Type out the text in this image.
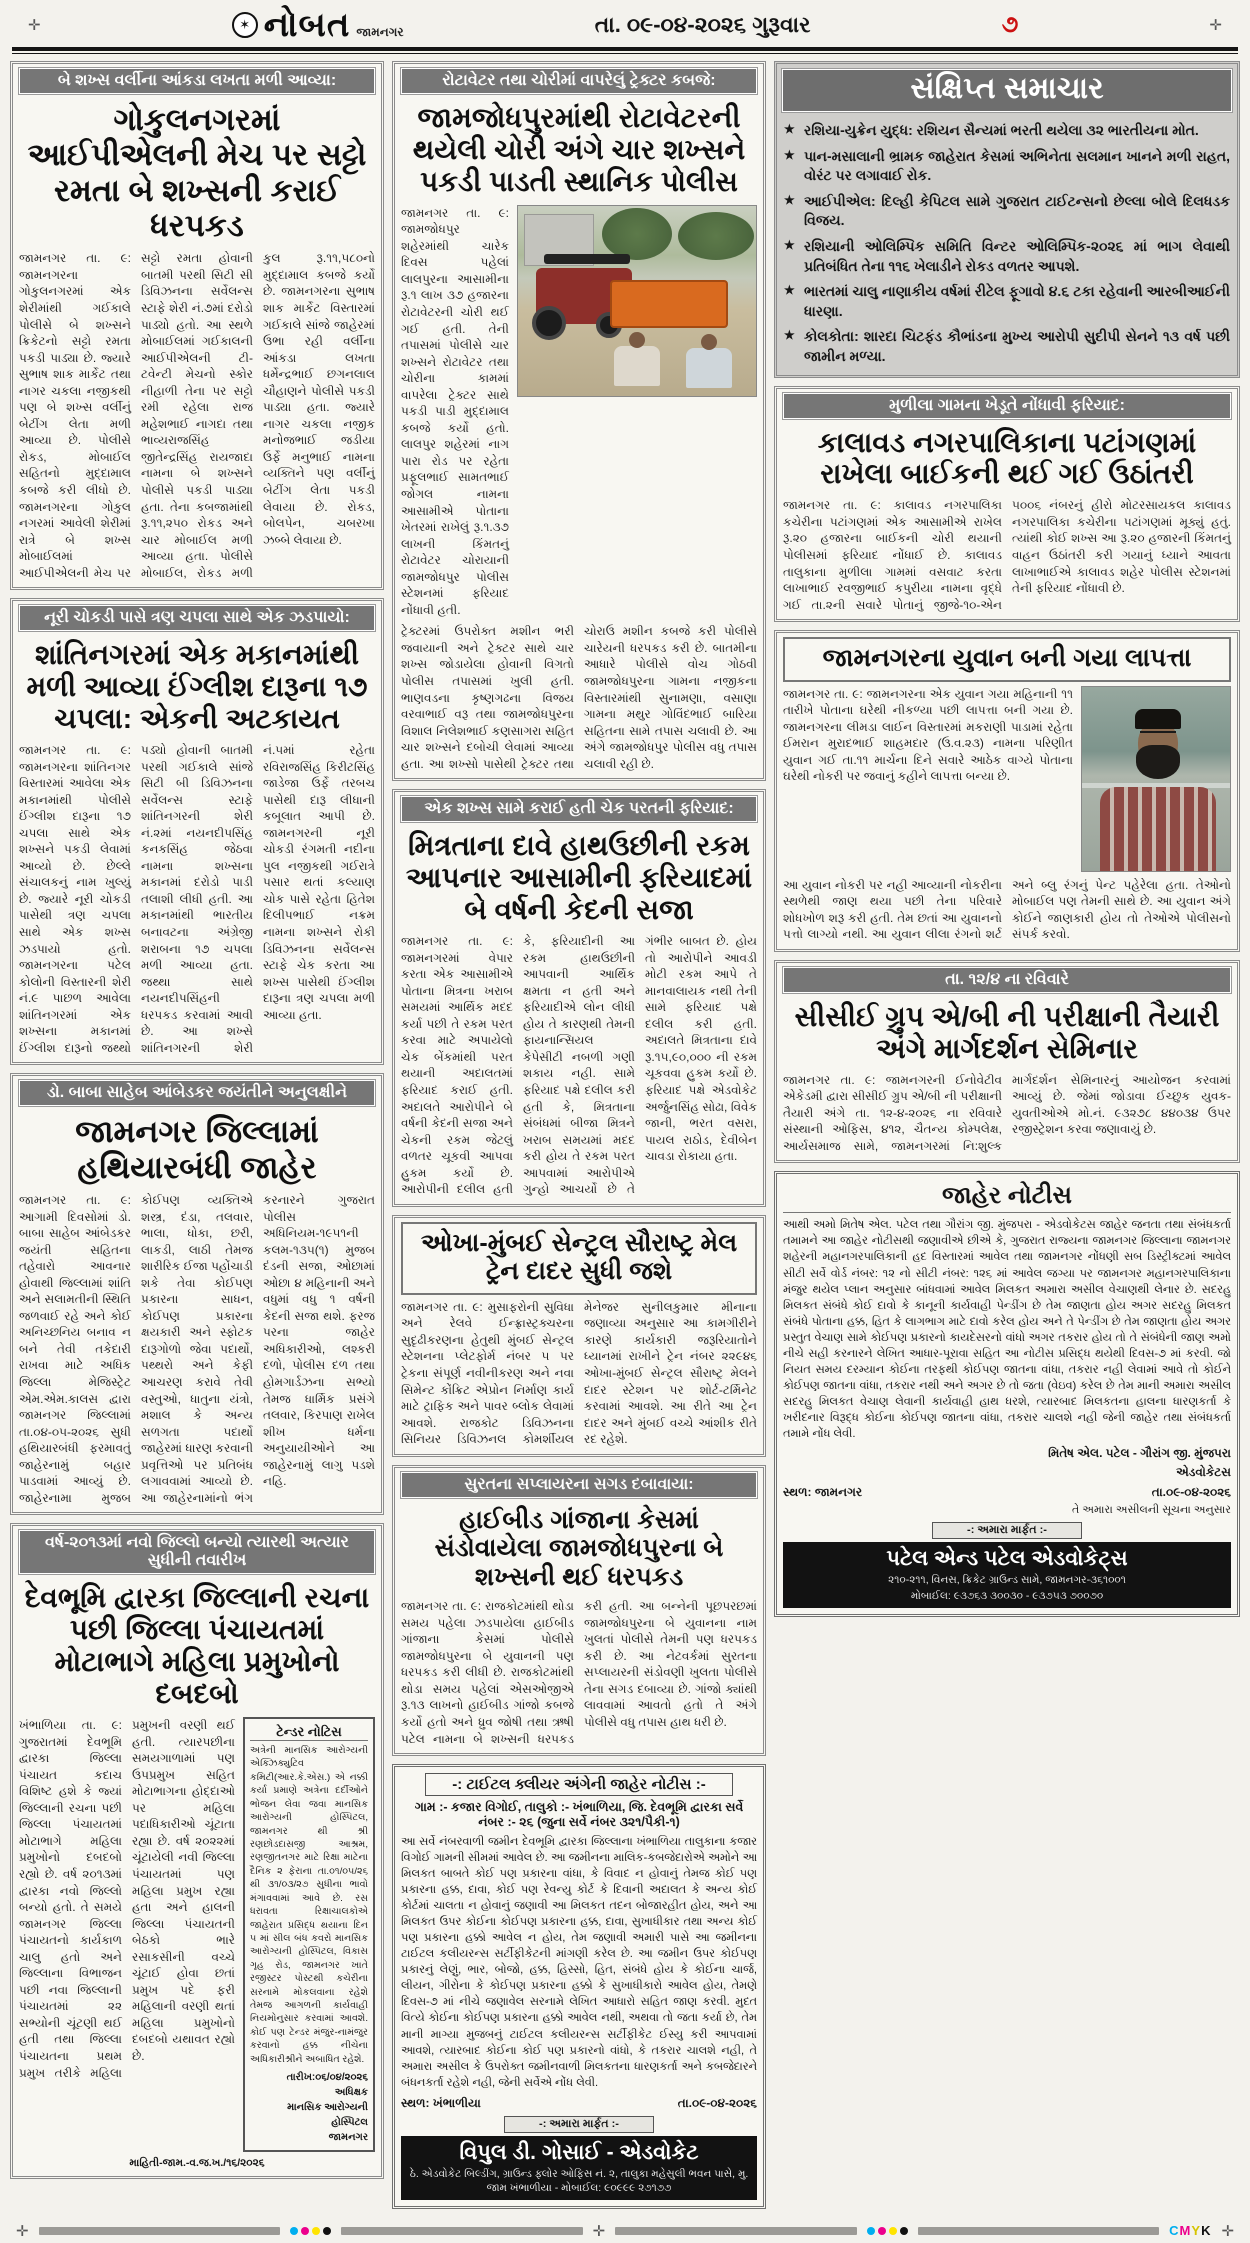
✛	✶ નોબત જામનગર	તા. ૦૯-૦૪-૨૦૨૬ ગુરૂવાર	૭	✛
બે શખ્સ વર્લીના આંકડા લખતા મળી આવ્યા:
ગોકુલનગરમાં આઈપીએલની મેચ પર સટ્ટો રમતા બે શખ્સની કરાઈ ધરપકડ
જામનગર તા. ૯: જામનગરના ગોકુલનગરમાં એક શેરીમાંથી ગઈકાલે પોલીસે બે શખ્સને ક્રિકેટનો સટ્ટો રમતા પકડી પાડ્યા છે. જ્યારે સુભાષ શાક માર્કેટ તથા નાગર ચકલા નજીકથી પણ બે શખ્સ વર્લીનું બેટીંગ લેતા મળી આવ્યા છે. પોલીસે રોકડ, મોબાઈલ સહિતનો મુદ્દામાલ કબજે કરી લીધો છે. જામનગરના ગોકુલ નગરમાં આવેલી શેરીમાં રાત્રે બે શખ્સ મોબાઈલમાં આઈપીએલની મેચ પર સટ્ટો રમતા હોવાની બાતમી પરથી સિટી સી ડિવિઝનના સર્વેલન્સ સ્ટાફે શેરી નં.૭માં દરોડો પાડ્યો હતો. આ સ્થળે મોબાઈલમાં ગઈકાલની આઈપીએલની ટી-ટવેન્ટી મેચનો સ્કોર નીહાળી તેના પર સટ્ટો રમી રહેલા રાજ મહેશભાઈ નાગદા તથા ભાવ્યરાજસિંહ જીતેન્દ્રસિંહ રાયજાદા નામના બે શખ્સને પોલીસે પકડી પાડ્યા હતા. તેના કબજામાંથી રૂ.૧૧,૨૫૦ રોકડ અને ચાર મોબાઈલ મળી આવ્યા હતા. પોલીસે મોબાઈલ, રોકડ મળી કુલ રૂ.૧૧,૫૮૦નો મુદ્દામાલ કબજે કર્યો છે. જામનગરના સુભાષ શાક માર્કેટ વિસ્તારમાં ગઈકાલે સાંજે જાહેરમાં ઉભા રહી વર્લીના આંકડા લખતા ધર્મેન્દ્રભાઈ છગનલાલ ચૌહાણને પોલીસે પકડી પાડ્યા હતા. જ્યારે નાગર ચકલા નજીક મનોજભાઈ જડીયા ઉર્ફે મનુભાઈ નામના વ્યક્તિને પણ વર્લીનું બેટીંગ લેતા પકડી લેવાયા છે. રોકડ, બોલપેન, ચબરખા ઝબ્બે લેવાયા છે.
નૂરી ચોકડી પાસે ત્રણ ચપલા સાથે એક ઝડપાયો:
શાંતિનગરમાં એક મકાનમાંથી મળી આવ્યા ઈંગ્લીશ દારૂના ૧૭ ચપલા: એકની અટકાયત
જામનગર તા. ૯: જામનગરના શાંતિનગર વિસ્તારમાં આવેલા એક મકાનમાંથી પોલીસે ઈંગ્લીશ દારૂના ૧૭ ચપલા સાથે એક શખ્સને પકડી લેવામાં આવ્યો છે. છેલ્લે સંચાલકનું નામ ખુલ્યું છે. જ્યારે નૂરી ચોકડી પાસેથી ત્રણ ચપલા સાથે એક શખ્સ ઝડપાયો હતો. જામનગરના પટેલ કોલોની વિસ્તારની શેરી નં.૯ પાછળ આવેલા શાંતિનગરમાં એક શખ્સના મકાનમાં ઈંગ્લીશ દારૂનો જથ્થો પડ્યો હોવાની બાતમી પરથી ગઈકાલે સાંજે સિટી બી ડિવિઝનના સર્વેલન્સ સ્ટાફે શાંતિનગરની શેરી નં.૨માં નયનદીપસિંહ કનકસિંહ જેઠવા નામના શખ્સના મકાનમાં દરોડો પાડી તલાશી લીધી હતી. આ મકાનમાંથી ભારતીય બનાવટના અંગ્રેજી શરાબના ૧૭ ચપલા મળી આવ્યા હતા. જથ્થા સાથે નયનદીપસિંહની ધરપકડ કરવામાં આવી છે. આ શખ્સે શાંતિનગરની શેરી નં.૫માં રહેતા રવિરાજસિંહ કિરીટસિંહ જાડેજા ઉર્ફે તરબચ પાસેથી દારૂ લીધાની કબૂલાત આપી છે. જામનગરની નૂરી ચોકડી રંગમતી નદીના પુલ નજીકથી ગઈરાત્રે પસાર થતાં કલ્યાણ ચોક પાસે રહેતા હિતેશ દિલીપભાઈ નક્રમ નામના શખ્સને રોકી ડિવિઝનના સર્વેલન્સ સ્ટાફે ચેક કરતા આ શખ્સ પાસેથી ઈંગ્લીશ દારૂના ત્રણ ચપલા મળી આવ્યા હતા.
ડો. બાબા સાહેબ આંબેડકર જયંતીને અનુલક્ષીને
જામનગર જિલ્લામાં હથિયારબંધી જાહેર
જામનગર તા. ૯: આગામી દિવસોમાં ડો. બાબા સાહેબ આંબેડકર જયંતી સહિતના તહેવારો આવનાર હોવાથી જિલ્લામાં શાંતિ અને સલામતીની સ્થિતિ જળવાઈ રહે અને કોઈ અનિચ્છનિય બનાવ ન બને તેવી તકેદારી રાખવા માટે અધિક જિલ્લા મેજિસ્ટ્રેટ એમ.એમ.કાલસ દ્વારા જામનગર જિલ્લામાં તા.૦૪-૦૫-૨૦૨૬ સુધી હથિયારબંધી ફરમાવતું જાહેરનામું બહાર પાડવામાં આવ્યું છે. જાહેરનામા મુજબ કોઈપણ વ્યક્તિએ શસ્ત્ર, દંડા, તલવાર, ભાલા, ધોકા, છરી, લાકડી, લાઠી તેમજ શારીરિક ઈજા પહોંચાડી શકે તેવા કોઈપણ પ્રકારના સાધન, કોઈપણ પ્રકારના ક્ષયકારી અને સ્ફોટક દારૂગોળો જેવા પદાર્થો, પથ્થરો અને કેફી આચરણ કરાવે તેવી વસ્તુઓ, ધાતુના યંત્રો, મશાલ કે અન્ય સળગતા પદાર્થો જાહેરમાં ધારણ કરવાની પ્રવૃત્તિઓ પર પ્રતિબંધ લગાવવામાં આવ્યો છે. આ જાહેરનામાંનો ભંગ કરનારને ગુજરાત પોલીસ અધિનિયમ-૧૯૫૧ની કલમ-૧૩૫(૧) મુજબ દંડની સજા, ઓછામાં ઓછા ૪ મહિનાની અને વધુમાં વધુ ૧ વર્ષની કેદની સજા થશે. ફરજ પરના જાહેર અધિકારીઓ, લશ્કરી દળો, પોલીસ દળ તથા હોમગાર્ડઝના સભ્યો તેમજ ધાર્મિક પ્રસંગે તલવાર, કિરપાણ રાખેલ શીખ ધર્મના અનુયાયીઓને આ જાહેરનામું લાગુ પડશે નહિ.
વર્ષ-૨૦૧૩માં નવો જિલ્લો બન્યો ત્યારથી અત્યાર સુધીની તવારીખ
દેવભૂમિ દ્વારકા જિલ્લાની રચના પછી જિલ્લા પંચાયતમાં મોટાભાગે મહિલા પ્રમુખોનો દબદબો
ખંભાળિયા તા. ૯: ગુજરાતમાં દેવભૂમિ દ્વારકા જિલ્લા પંચાયત કદાચ વિશિષ્ટ હશે કે જ્યાં જિલ્લાની રચના પછી જિલ્લા પંચાયતમાં મોટાભાગે મહિલા પ્રમુખોનો દબદબો રહ્યો છે. વર્ષ ૨૦૧૩માં દ્વારકા નવો જિલ્લો બન્યો હતો. તે સમયે જામનગર જિલ્લા પંચાયતનો કાર્યકાળ ચાલુ હતો અને જિલ્લાના વિભાજન પછી નવા જિલ્લાની પંચાયતમાં ૨૨ સભ્યોની ચૂંટણી થઈ હતી તથા જિલ્લા પંચાયતના પ્રથમ પ્રમુખ તરીકે મહિલા પ્રમુખની વરણી થઈ હતી. ત્યારપછીના સમયગાળામાં પણ ઉપપ્રમુખ સહિત મોટાભાગના હોદ્દાઓ પર મહિલા પદાધિકારીઓ ચૂંટાતા રહ્યા છે. વર્ષ ૨૦૨૨માં ચૂંટાયેલી નવી જિલ્લા પંચાયતમાં પણ મહિલા પ્રમુખ રહ્યા હતા અને હાલની જિલ્લા પંચાયતની બેઠકો ભારે રસાકસીની વચ્ચે ચૂંટાઈ હોવા છતાં પ્રમુખ પદે ફરી મહિલાની વરણી થતાં મહિલા પ્રમુખોનો દબદબો યથાવત રહ્યો છે.
ટેન્ડર નોટિસ
અત્રેની માનસિક આરોગ્યની એક્ઝિક્યુટિવ કમિટી(આર.કે.એસ.) એ નક્કી કર્યા પ્રમાણે અત્રેના દર્દીઓને ભોજન લેવા જવા માનસિક આરોગ્યની હોસ્પિટલ, જામનગર થી શ્રી રણછોડદાસજી આશ્રમ, રણજીતનગર માટે રિક્ષા માટેના દૈનિક ૨ ફેરાના તા.૦૧/૦૫/૨૬ થી ૩૧/૦૩/૨૭ સુધીના ભાવો મંગાવવામાં આવે છે. રસ ધરાવતા રિક્ષાચાલકોએ જાહેરાત પ્રસિદ્ધ થયાના દિન ૫ માં સીલ બંધ કવરો માનસિક આરોગ્યની હોસ્પિટલ, વિકાસ ગૃહ રોડ, જામનગર ખાતે રજીસ્ટર પોસ્ટથી કચેરીના સરનામે મોકલવાના રહેશે તેમજ આગળની કાર્યવાહી નિયમોનુસાર કરવામાં આવશે. કોઈ પણ ટેન્ડર મંજુર-નામંજુર કરવાનો હક્ક નીચેના અધિકારીશ્રીને અબાધિત રહેશે.
તારીખ:૦૬/૦૪/૨૦૨૬
અધિક્ષક
માનસિક આરોગ્યની હોસ્પિટલ
જામનગર
માહિતી-જામ.-વ.જ.ખ./૧૬/૨૦૨૬
રોટાવેટર તથા ચોરીમાં વાપરેલું ટ્રેક્ટર કબજે:
જામજોધપુરમાંથી રોટાવેટરની થયેલી ચોરી અંગે ચાર શખ્સને પકડી પાડતી સ્થાનિક પોલીસ
જામનગર તા. ૯: જામજોધપુર શહેરમાંથી ચારેક દિવસ પહેલાં લાલપુરના આસામીના રૂ.૧ લાખ ૩૭ હજારના રોટાવેટરની ચોરી થઈ ગઈ હતી. તેની તપાસમાં પોલીસે ચાર શખ્સને રોટાવેટર તથા ચોરીના કામમાં વાપરેલા ટ્રેક્ટર સાથે પકડી પાડી મુદ્દામાલ કબજે કર્યો હતો. લાલપુર શહેરમાં નાગ પારા રોડ પર રહેતા પ્રફૂલભાઈ સામતભાઈ જોગલ નામના આસામીએ પોતાના ખેતરમાં રાખેલું રૂ.૧.૩૭ લાખની કિંમતનું રોટાવેટર ચોરાયાની જામજોધપુર પોલીસ સ્ટેશનમાં ફરિયાદ નોંધાવી હતી.
ટ્રેક્ટરમાં ઉપરોક્ત મશીન ભરી જવાયાની અને ટ્રેક્ટર સાથે ચાર શખ્સ જોડાયેલા હોવાની વિગતો પોલીસ તપાસમાં ખુલી હતી. ભાણવડના કૃષ્ણગઢના વિજય વરવાભાઈ વરૂ તથા જામજોધપુરના વિશાલ નિલેશભાઈ કણસાગરા સહિત ચાર શખ્સને દબોચી લેવામાં આવ્યા હતા. આ શખ્સો પાસેથી ટ્રેક્ટર તથા ચોરાઉ મશીન કબજે કરી પોલીસે ચારેયની ધરપકડ કરી છે. બાતમીના આધારે પોલીસે વોચ ગોઠવી જામજોધપુરના ગામના નજીકના વિસ્તારમાંથી સુનામણા, વસાણા ગામના મથુર ગોવિંદભાઈ બારિયા સહિતના સામે તપાસ ચલાવી છે. આ અંગે જામજોધપુર પોલીસ વધુ તપાસ ચલાવી રહી છે.
એક શખ્સ સામે કરાઈ હતી ચેક પરતની ફરિયાદ:
મિત્રતાના દાવે હાથઉછીની રકમ આપનાર આસામીની ફરિયાદમાં બે વર્ષની કેદની સજા
જામનગર તા. ૯: જામનગરમાં વેપાર કરતા એક આસામીએ પોતાના મિત્રના ખરાબ સમયમાં આર્થિક મદદ કર્યા પછી તે રકમ પરત કરવા માટે અપાયેલો ચેક બેંકમાંથી પરત થયાની અદાલતમાં ફરિયાદ કરાઈ હતી. અદાલતે આરોપીને બે વર્ષની કેદની સજા અને ચેકની રકમ જેટલું વળતર ચૂકવી આપવા હુકમ કર્યો છે. આરોપીની દલીલ હતી કે, ફરિયાદીની આ રકમ હાથઉછીની આપવાની આર્થિક ક્ષમતા ન હતી અને ફરિયાદીએ લોન લીધી હોય તે કારણથી તેમની ફાયનાન્સિયલ કેપેસીટી નબળી ગણી શકાય નહી. સામે ફરિયાદ પક્ષે દલીલ કરી હતી કે, મિત્રતાના સંબંધમાં બીજા મિત્રને ખરાબ સમયમાં મદદ કરી હોય તે રકમ પરત આપવામાં આરોપીએ ગુન્હો આચર્યો છે તે ગંભીર બાબત છે. હોય તો આરોપીને આવડી મોટી રકમ આપે તે માનવાલાયક નથી તેની સામે ફરિયાદ પક્ષે દલીલ કરી હતી. અદાલતે મિત્રતાના દાવે રૂ.૧૫,૯૦,૦૦૦ ની રકમ ચૂકવવા હુકમ કર્યો છે. ફરિયાદ પક્ષે એડવોકેટ અર્જુનસિંહ સોઢા, વિવેક જાની, ભરત વસરા, પાયલ રાઠોડ, દેવીબેન ચાવડા રોકાયા હતા.
ઓખા-મુંબઈ સેન્ટ્રલ સૌરાષ્ટ્ર મેલ ટ્રેન દાદર સુધી જશે
જામનગર તા. ૯: મુસાફરોની સુવિધા અને રેલવે ઈન્ફ્રાસ્ટ્રક્ચરના સુદૃઢીકરણના હેતુથી મુંબઈ સેન્ટ્રલ સ્ટેશનના પ્લેટફોર્મ નંબર ૫ પર ટ્રેકના સંપૂર્ણ નવીનીકરણ અને નવા સિમેન્ટ કોંક્રિટ એપ્રોન નિર્માણ કાર્ય માટે ટ્રાફિક અને પાવર બ્લોક લેવામાં આવશે. રાજકોટ ડિવિઝનના સિનિયર ડિવિઝનલ કોમર્શીયલ મેનેજર સુનીલકુમાર મીનાના જણાવ્યા અનુસાર આ કામગીરીને કારણે કાર્યકારી જરૂરિયાતોને ધ્યાનમાં રાખીને ટ્રેન નંબર ૨૨૯૪૬ ઓખા-મુંબઈ સેન્ટ્રલ સૌરાષ્ટ્ર મેલને દાદર સ્ટેશન પર શોર્ટ-ટર્મિનેટ કરવામાં આવશે. આ રીતે આ ટ્રેન દાદર અને મુંબઈ વચ્ચે આંશીક રીતે રદ રહેશે.
સુરતના સપ્લાયરના સગડ દબાવાયા:
હાઈબીડ ગાંજાના કેસમાં સંડોવાયેલા જામજોધપુરના બે શખ્સની થઈ ધરપકડ
જામનગર તા. ૯: રાજકોટમાંથી થોડા સમય પહેલા ઝડપાયેલા હાઈબીડ ગાંજાના કેસમાં પોલીસે જામજોધપુરના બે યુવાનની પણ ધરપકડ કરી લીધી છે. રાજકોટમાંથી થોડા સમય પહેલાં એસઓજીએ રૂ.૧૩ લાખનો હાઈબીડ ગાંજો કબજે કર્યો હતો અને ધ્રુવ જોષી તથા ઋષી પટેલ નામના બે શખ્સની ધરપકડ કરી હતી. આ બન્નેની પૂછપરછમાં જામજોધપુરના બે યુવાનના નામ ખુલતાં પોલીસે તેમની પણ ધરપકડ કરી છે. આ નેટવર્કમાં સુરતના સપ્લાયરની સંડોવણી ખુલતા પોલીસે તેના સગડ દબાવ્યા છે. ગાંજો ક્યાંથી લાવવામાં આવતો હતો તે અંગે પોલીસે વધુ તપાસ હાથ ધરી છે.
-: ટાઈટલ ક્લીયર અંગેની જાહેર નોટીસ :-
ગામ :- કજાર વિગોઈ, તાલુકો :- ખંભાળિયા, જિ. દેવભૂમિ દ્વારકા સર્વે નંબર :- ૨૬ (જુના સર્વે નંબર ૩૨૧/પૈકી-૧)
આ સર્વે નંબરવાળી જમીન દેવભૂમિ દ્વારકા જિલ્લાના ખંભાળિયા તાલુકાના કજાર વિગોઈ ગામની સીમમાં આવેલ છે. આ જમીનના માલિક-કબજેદારોએ અમોને આ મિલકત બાબતે કોઈ પણ પ્રકારના વાંધા, કે વિવાદ ન હોવાનું તેમજ કોઈ પણ પ્રકારના હક્ક, દાવા, કોઈ પણ રેવન્યુ કોર્ટ કે દિવાની અદાલત કે અન્ય કોઈ કોર્ટમાં ચાલતા ન હોવાનું જણાવી આ મિલકત તદન બોજારહીત હોય, અને આ મિલકત ઉપર કોઈના કોઈપણ પ્રકારના હક્ક, દાવા, સુખાધીકાર તથા અન્ય કોઈ પણ પ્રકારના હક્કો આવેલ ન હોય, તેમ જણાવી અમારી પાસે આ જમીનના ટાઈટલ કલીયરન્સ સર્ટીફીકેટની માંગણી કરેલ છે. આ જમીન ઉપર કોઈપણ પ્રકારનું લેણું, ભાર, બોજો, હક્ક, હિસ્સો, હિત, સંબંધે હોય કે કોઈના ચાર્જ, લીયન, ગીરોના કે કોઈપણ પ્રકારના હક્કો કે સુખાધીકારો આવેલ હોય, તેમણે દિવસ-૭ માં નીચે જણાવેલ સરનામે લેખિત આધારો સહિત જાણ કરવી. મુદત વિત્યે કોઈના કોઈપણ પ્રકારના હક્કો આવેલ નથી, અથવા તો જતા કર્યા છે, તેમ માની માગ્યા મુજબનું ટાઈટલ કલીયરન્સ સર્ટીફીકેટ ઈસ્યુ કરી આપવામાં આવશે, ત્યારબાદ કોઈના કોઈ પણ પ્રકારનો વાંધો, કે તકરાર ચાલશે નહી, તે અમારા અસીલ કે ઉપરોક્ત જમીનવાળી મિલકતના ધારણકર્તા અને કબજેદારને બંધનકર્તા રહેશે નહી, જેની સર્વેએ નોંધ લેવી.
સ્થળ: ખંભાળીયા	તા.૦૯-૦૪-૨૦૨૬
-: અમારા માર્ફત :-
વિપુલ ડી. ગોસાઈ - એડવોકેટ
ઠે. એડવોકેટ બિલ્ડીંગ, ગ્રાઉન્ડ ફ્લોર ઓફિસ નં. ૨, તાલુકા મહેસુલી ભવન પાસે, મુ. જામ ખંભાળીયા - મોબાઈલ: ૯૦૯૯૯ ૨૭૧૭૭
સંક્ષિપ્ત સમાચાર
★ રશિયા-યુક્રેન યુદ્ધ: રશિયન સૈન્યમાં ભરતી થયેલા ૩૨ ભારતીયના મોત.
★ પાન-મસાલાની ભ્રામક જાહેરાત કેસમાં અભિનેતા સલમાન ખાનને મળી રાહત, વોરંટ પર લગાવાઈ રોક.
★ આઈપીએલ: દિલ્હી કેપિટલ સામે ગુજરાત ટાઈટન્સનો છેલ્લા બોલે દિલધડક વિજય.
★ રશિયાની ઓલિમ્પિક સમિતિ વિન્ટર ઓલિમ્પિક-૨૦૨૬ માં ભાગ લેવાથી પ્રતિબંધિત તેના ૧૧૬ ખેલાડીને રોકડ વળતર આપશે.
★ ભારતમાં ચાલુ નાણાકીય વર્ષમાં રીટેલ ફૂગાવો ૪.૬ ટકા રહેવાની આરબીઆઈની ધારણા.
★ કોલકોતા: શારદા ચિટફંડ કૌભાંડના મુખ્ય આરોપી સુદીપી સેનને ૧૩ વર્ષ પછી જામીન મળ્યા.
મુળીલા ગામના ખેડૂતે નોંધાવી ફરિયાદ:
કાલાવડ નગરપાલિકાના પટાંગણમાં રાખેલા બાઈકની થઈ ગઈ ઉઠાંતરી
જામનગર તા. ૯: કાલાવડ નગરપાલિકા કચેરીના પટાંગણમાં એક આસામીએ રાખેલ રૂ.૨૦ હજારના બાઈકની ચોરી થયાની પોલીસમાં ફરિયાદ નોંધાઈ છે. કાલાવડ તાલુકાના મુળીલા ગામમાં વસવાટ કરતા લાખાભાઈ રવજીભાઈ કપુરીયા નામના વૃદ્ધે ગઈ તા.૨ની સવારે પોતાનું જીજે-૧૦-એન ૫૦૦૬ નંબરનું હીરો મોટરસાયકલ કાલાવડ નગરપાલિકા કચેરીના પટાંગણમાં મૂક્યું હતું. ત્યાંથી કોઈ શખ્સ આ રૂ.૨૦ હજારની કિંમતનું વાહન ઉઠાંતરી કરી ગયાનું ધ્યાને આવતા લાખાભાઈએ કાલાવડ શહેર પોલીસ સ્ટેશનમાં તેની ફરિયાદ નોંધાવી છે.
જામનગરના યુવાન બની ગયા લાપત્તા
જામનગર તા. ૯: જામનગરના એક યુવાન ગયા મહિનાની ૧૧ તારીખે પોતાના ઘરેથી નીકળ્યા પછી લાપત્તા બની ગયા છે. જામનગરના લીમડા લાઈન વિસ્તારમાં મકરાણી પાડામાં રહેતા ઈમરાન મુરાદભાઈ શાહમદાર (ઉ.વ.૨૩) નામના પરિણીત યુવાન ગઈ તા.૧૧ માર્ચના દિને સવારે આઠેક વાગ્યે પોતાના ઘરેથી નોકરી પર જવાનું કહીને લાપત્તા બન્યા છે.
આ યુવાન નોકરી પર નહી આવ્યાની નોકરીના સ્થળેથી જાણ થયા પછી તેના પરિવારે શોધખોળ શરૂ કરી હતી. તેમ છતાં આ યુવાનનો પત્તો લાગ્યો નથી. આ યુવાન લીલા રંગનો શર્ટ અને બ્લુ રંગનું પેન્ટ પહેરેલા હતા. તેઓનો મોબાઈલ પણ તેમની સાથે છે. આ યુવાન અંગે કોઈને જાણકારી હોય તો તેઓએ પોલીસનો સંપર્ક કરવો.
તા. ૧૨/૪ ના રવિવારે
સીસીઈ ગ્રુપ એ/બી ની પરીક્ષાની તૈયારી અંગે માર્ગદર્શન સેમિનાર
જામનગર તા. ૯: જામનગરની ઈનોવેટીવ એકેડમી દ્વારા સીસીઈ ગ્રુપ એ/બી ની પરીક્ષાની તૈયારી અંગે તા. ૧૨-૪-૨૦૨૬ ના રવિવારે સંસ્થાની ઓફિસ, ૪૧૨, ચૈતન્ય કોમ્પલેક્ષ, આર્યસમાજ સામે, જામનગરમાં નિ:શુલ્ક માર્ગદર્શન સેમિનારનું આયોજન કરવામાં આવ્યું છે. જેમાં જોડાવા ઈચ્છુક યુવક-યુવતીઓએ મો.નં. ૯૩૨૭૮ ૪૪૦૩૪ ઉપર રજીસ્ટ્રેશન કરવા જણાવાયું છે.
જાહેર નોટીસ
આથી અમો મિતેષ એલ. પટેલ તથા ગૌરાંગ જી. મુંજપરા - એડવોકેટસ જાહેર જનતા તથા સંબંધકર્તા તમામને આ જાહેર નોટીસથી જણાવીએ છીએ કે, ગુજરાત રાજ્યના જામનગર જિલ્લાના જામનગર શહેરની મહાનગરપાલિકાની હદ વિસ્તારમાં આવેલ તથા જામનગર નોંધણી સબ ડિસ્ટ્રીક્ટમાં આવેલ સીટી સર્વે વોર્ડ નંબર: ૧૨ નો સીટી નંબર: ૧૨૬ માં આવેલ જગ્યા પર જામનગર મહાનગરપાલિકાના મંજુર થયેલ પ્લાન અનુસાર બાંધવામાં આવેલ મિલકત અમારા અસીલ વેચાણથી લેનાર છે. સદરહુ મિલકત સંબંધે કોઈ દાવો કે કાનૂની કાર્યવાહી પેન્ડીંગ છે તેમ જાણતા હોય અગર સદરહુ મિલકત સંબંધે પોતાના હક્ક, હિત કે લાગભાગ માટે દાવો કરેલ હોય અને તે પેન્ડીંગ છે તેમ જાણતા હોય અગર પ્રસ્તુત વેચાણ સામે કોઈપણ પ્રકારનો કાયદેસરનો વાંધો અગર તકરાર હોય તો તે સંબંધેની જાણ અમો નીચે સહી કરનારને લેખિત આધાર-પૂરાવા સહિત આ નોટીસ પ્રસિદ્ધ થયેથી દિવસ-૭ માં કરવી. જો નિયત સમય દરમ્યાન કોઈના તરફથી કોઈપણ જાતના વાંધા, તકરાર નહી લેવામાં આવે તો કોઈને કોઈપણ જાતના વાંધા, તકરાર નથી અને અગર છે તો જતા (વેઇવ) કરેલ છે તેમ માની અમારા અસીલ સદરહુ મિલકત વેચાણ લેવાની કાર્યવાહી હાથ ધરશે, ત્યારબાદ મિલકતના હાલના ધારણકર્તા કે ખરીદનાર વિરૂદ્ધ કોઈના કોઈપણ જાતના વાંધા, તકરાર ચાલશે નહી જેની જાહેર તથા સંબંધકર્તા તમામે નોંધ લેવી.
મિતેષ એલ. પટેલ - ગૌરાંગ જી. મુંજપરા
એડવોકેટસ
સ્થળ: જામનગર	તા.૦૯-૦૪-૨૦૨૬
તે અમારા અસીલની સૂચના અનુસાર
-: અમારા માર્ફત :-
પટેલ એન્ડ પટેલ એડવોકેટ્સ
૨૧૦-૨૧૧, વિનસ, ક્રિકેટ ગ્રાઉન્ડ સામે, જામનગર-૩૬૧૦૦૧
મોબાઈલ: ૯૩૭૬૩ ૩૦૦૩૦ - ૯૩૭૫૩ ૭૦૦૭૦
✛	✛	CMYK ✛
